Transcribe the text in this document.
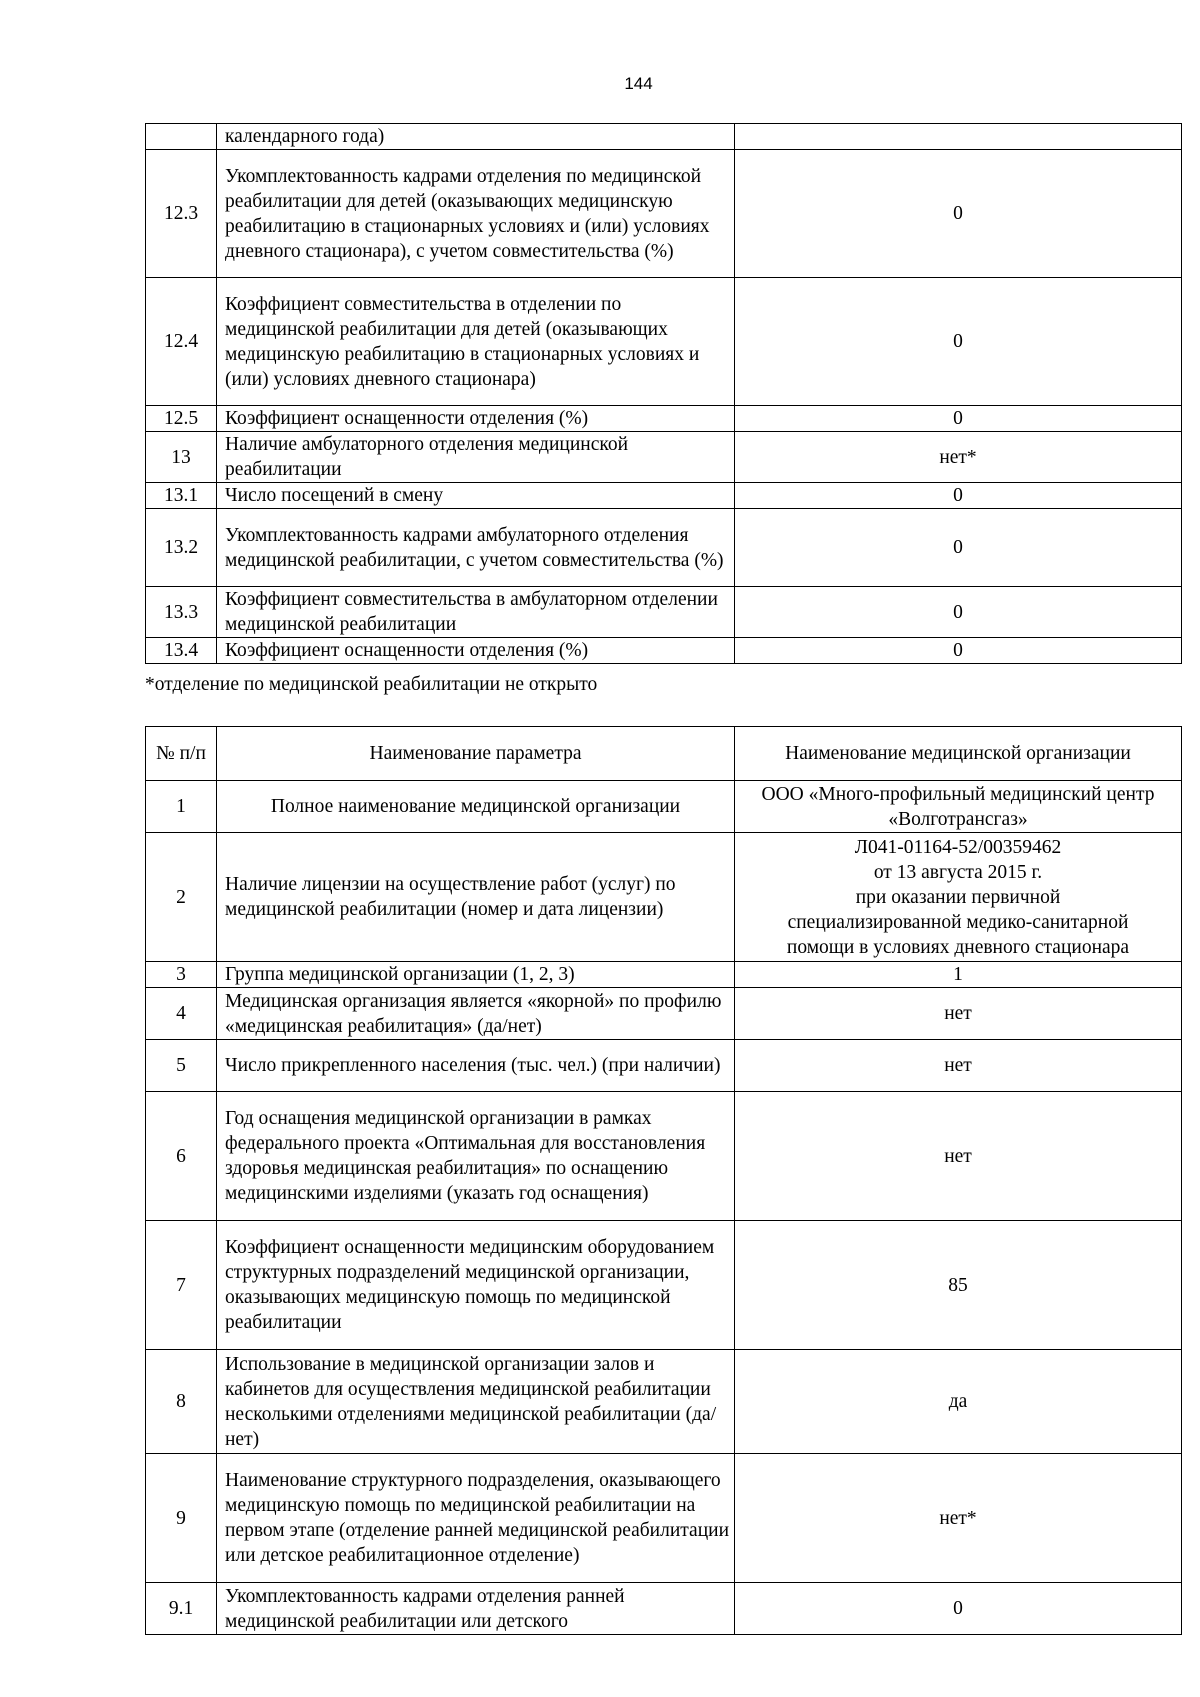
144
	календарного года)	
12.3	Укомплектованность кадрами отделения по медицинской реабилитации для детей (оказывающих медицинскую реабилитацию в стационарных условиях и (или) условиях дневного стационара), с учетом совместительства (%)	0
12.4	Коэффициент совместительства в отделении по медицинской реабилитации для детей (оказывающих медицинскую реабилитацию в стационарных условиях и (или) условиях дневного стационара)	0
12.5	Коэффициент оснащенности отделения (%)	0
13	Наличие амбулаторного отделения медицинской реабилитации	нет*
13.1	Число посещений в смену	0
13.2	Укомплектованность кадрами амбулаторного отделения медицинской реабилитации, с учетом совместительства (%)	0
13.3	Коэффициент совместительства в амбулаторном отделении медицинской реабилитации	0
13.4	Коэффициент оснащенности отделения (%)	0
*отделение по медицинской реабилитации не открыто
№ п/п	Наименование параметра	Наименование медицинской организации
1	Полное наименование медицинской организации	ООО «Много-профильный медицинский центр «Волготрансгаз»
2	Наличие лицензии на осуществление работ (услуг) по медицинской реабилитации (номер и дата лицензии)	Л041-01164-52/00359462
от 13 августа 2015 г.
при оказании первичной
специализированной медико-санитарной
помощи в условиях дневного стационара

3	Группа медицинской организации (1, 2, 3)	1
4	Медицинская организация является «якорной» по профилю «медицинская реабилитация» (да/нет)	нет
5	Число прикрепленного населения (тыс. чел.) (при наличии)	нет
6	Год оснащения медицинской организации в рамках федерального проекта «Оптимальная для восстановления здоровья медицинская реабилитация» по оснащению медицинскими изделиями (указать год оснащения)	нет
7	Коэффициент оснащенности медицинским оборудованием структурных подразделений медицинской организации, оказывающих медицинскую помощь по медицинской реабилитации	85
8	Использование в медицинской организации залов и кабинетов для осуществления медицинской реабилитации несколькими отделениями медицинской реабилитации (да/нет)	да
9	Наименование структурного подразделения, оказывающего медицинскую помощь по медицинской реабилитации на первом этапе (отделение ранней медицинской реабилитации или детское реабилитационное отделение)	нет*
9.1	Укомплектованность кадрами отделения ранней медицинской реабилитации или детского	0
